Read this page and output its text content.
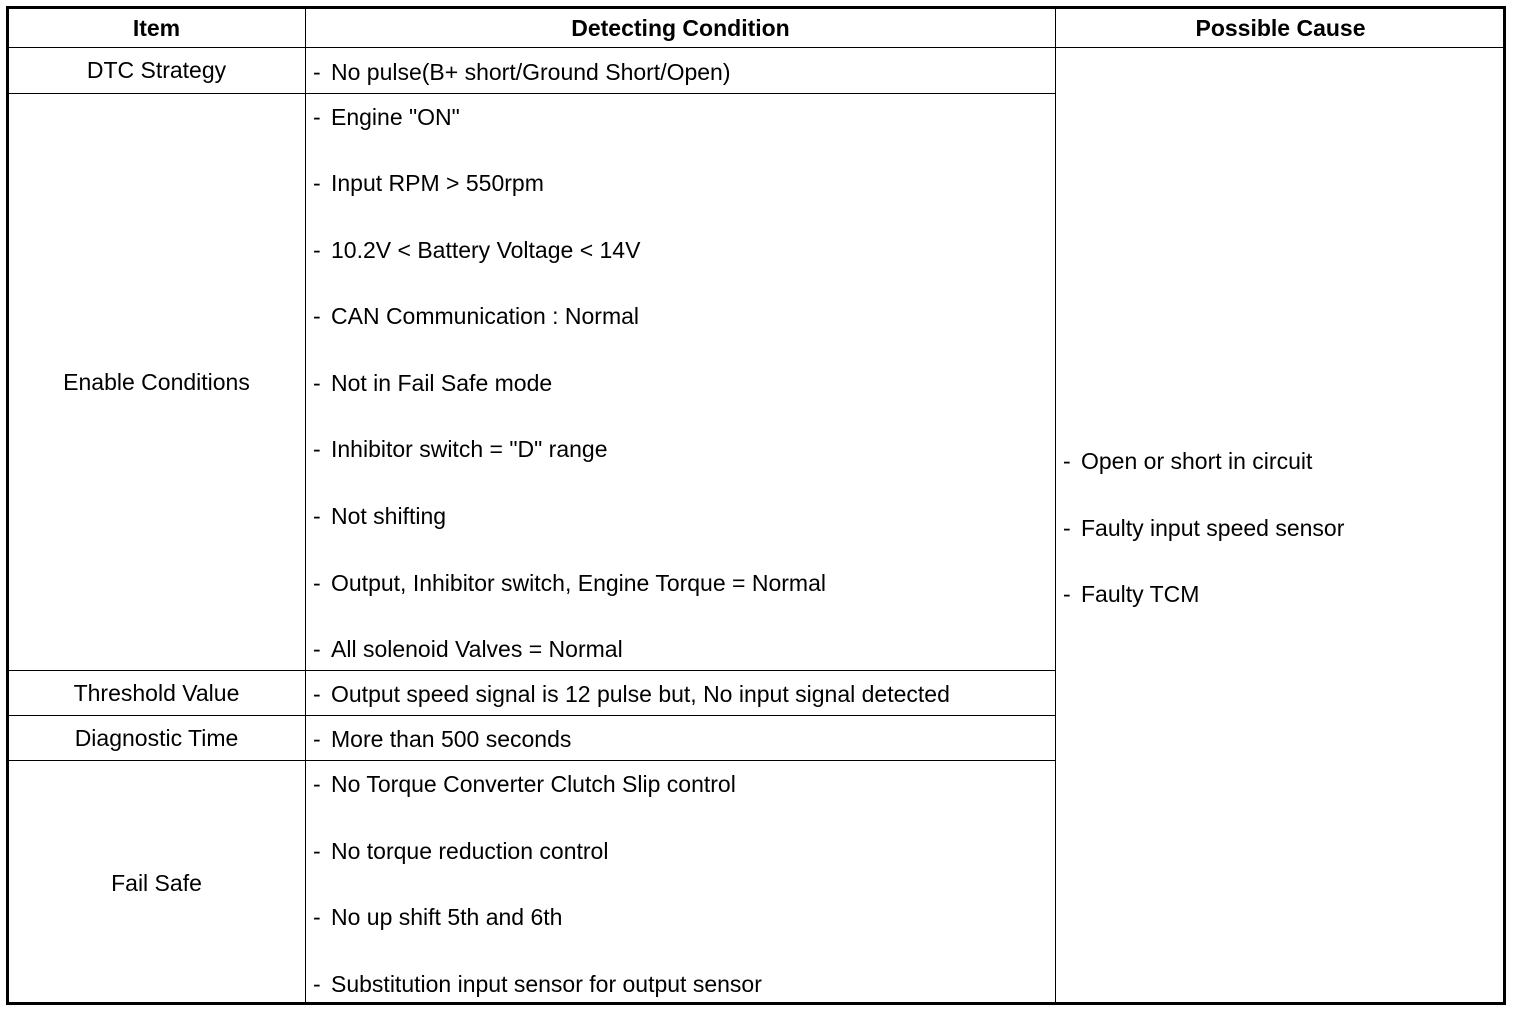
Item	Detecting Condition	Possible Cause
DTC Strategy
Enable Conditions
Threshold Value
Diagnostic Time
Fail Safe
- No pulse(B+ short/Ground Short/Open)
- Engine "ON"
- Input RPM > 550rpm
- 10.2V < Battery Voltage < 14V
- CAN Communication : Normal
- Not in Fail Safe mode
- Inhibitor switch = "D" range
- Not shifting
- Output, Inhibitor switch, Engine Torque = Normal
- All solenoid Valves = Normal
- Output speed signal is 12 pulse but, No input signal detected
- More than 500 seconds
- No Torque Converter Clutch Slip control
- No torque reduction control
- No up shift 5th and 6th
- Substitution input sensor for output sensor
- Open or short in circuit
- Faulty input speed sensor
- Faulty TCM
